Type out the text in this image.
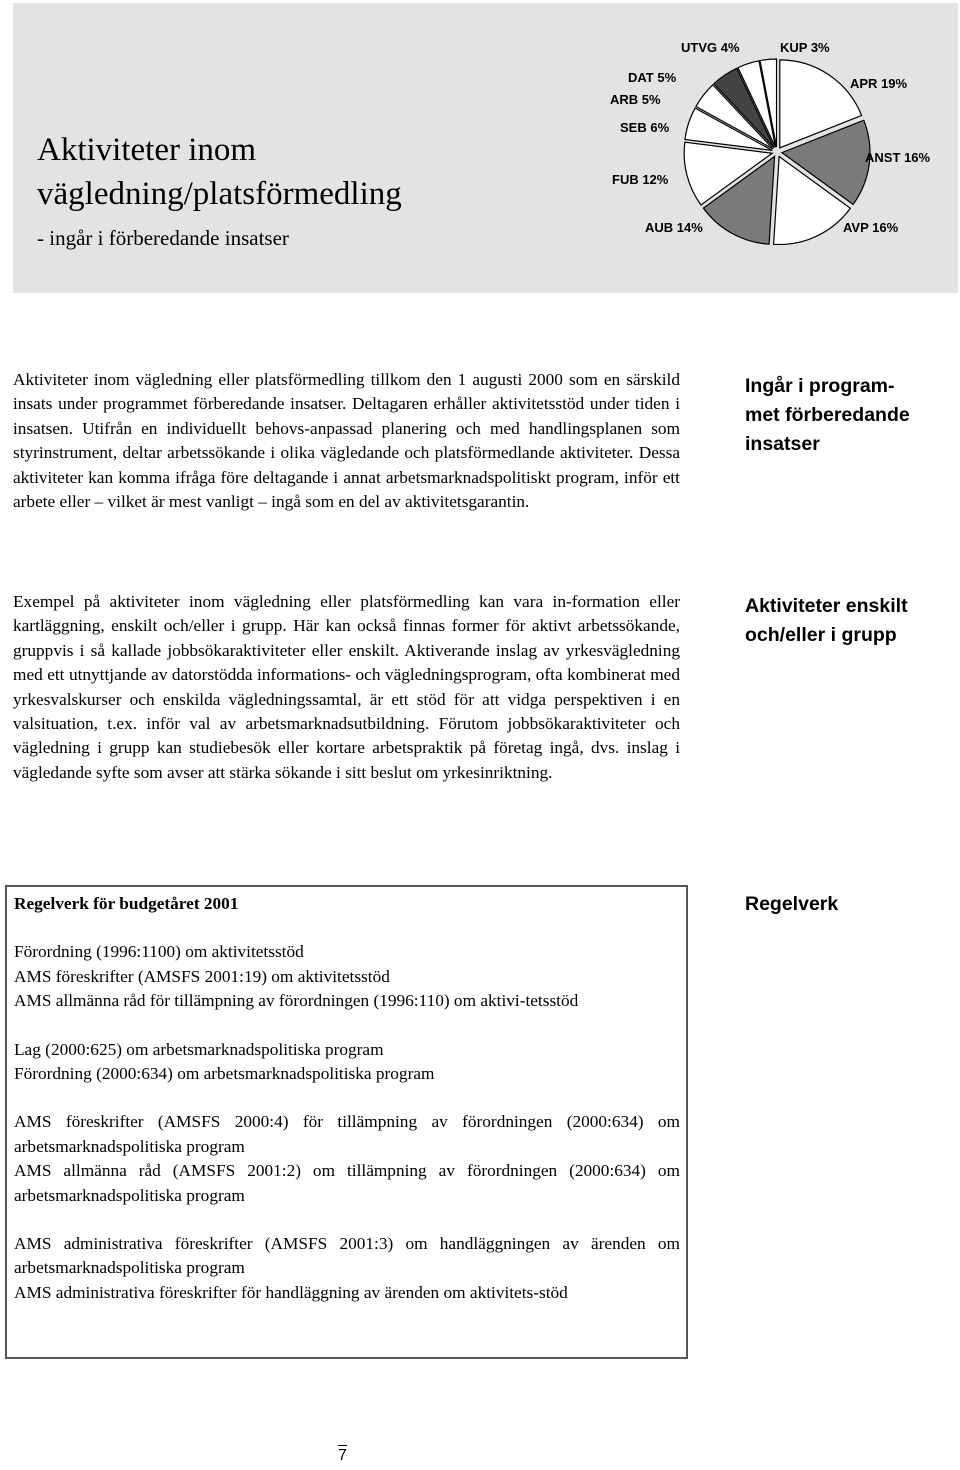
Aktiviteter inom
vägledning/platsförmedling
- ingår i förberedande insatser
UTVG 4%	KUP 3%
APR 19%
ANST 16%
AVP 16%
AUB 14%
FUB 12%
SEB 6%
ARB 5%
DAT 5%
Aktiviteter inom vägledning eller platsförmedling tillkom den 1 augusti 2000 som en särskild insats under programmet förberedande insatser. Deltagaren erhåller aktivitetsstöd under tiden i insatsen. Utifrån en individuellt behovs-anpassad planering och med handlingsplanen som styrinstrument, deltar arbetssökande i olika vägledande och platsförmedlande aktiviteter. Dessa aktiviteter kan komma ifråga före deltagande i annat arbetsmarknadspolitiskt program, inför ett arbete eller – vilket är mest vanligt – ingå som en del av aktivitetsgarantin.
Exempel på aktiviteter inom vägledning eller platsförmedling kan vara in-formation eller kartläggning, enskilt och/eller i grupp. Här kan också finnas former för aktivt arbetssökande, gruppvis i så kallade jobbsökaraktiviteter eller enskilt. Aktiverande inslag av yrkesvägledning med ett utnyttjande av datorstödda informations- och vägledningsprogram, ofta kombinerat med yrkesvalskurser och enskilda vägledningssamtal, är ett stöd för att vidga perspektiven i en valsituation, t.ex. inför val av arbetsmarknadsutbildning. Förutom jobbsökaraktiviteter och vägledning i grupp kan studiebesök eller kortare arbetspraktik på företag ingå, dvs. inslag i vägledande syfte som avser att stärka sökande i sitt beslut om yrkesinriktning.
Ingår i program-
met förberedande
insatser
Aktiviteter enskilt
och/eller i grupp
Regelverk

Regelverk för budgetåret 2001

Förordning (1996:1100) om aktivitetsstöd

AMS föreskrifter (AMSFS 2001:19) om aktivitetsstöd

AMS allmänna råd för tillämpning av förordningen (1996:110) om aktivi-tetsstöd

Lag (2000:625) om arbetsmarknadspolitiska program

Förordning (2000:634) om arbetsmarknadspolitiska program

AMS föreskrifter (AMSFS 2000:4) för tillämpning av förordningen (2000:634) om arbetsmarknadspolitiska program

AMS allmänna råd (AMSFS 2001:2) om tillämpning av förordningen (2000:634) om arbetsmarknadspolitiska program

AMS administrativa föreskrifter (AMSFS 2001:3) om handläggningen av ärenden om arbetsmarknadspolitiska program

AMS administrativa föreskrifter för handläggning av ärenden om aktivitets-stöd

7
